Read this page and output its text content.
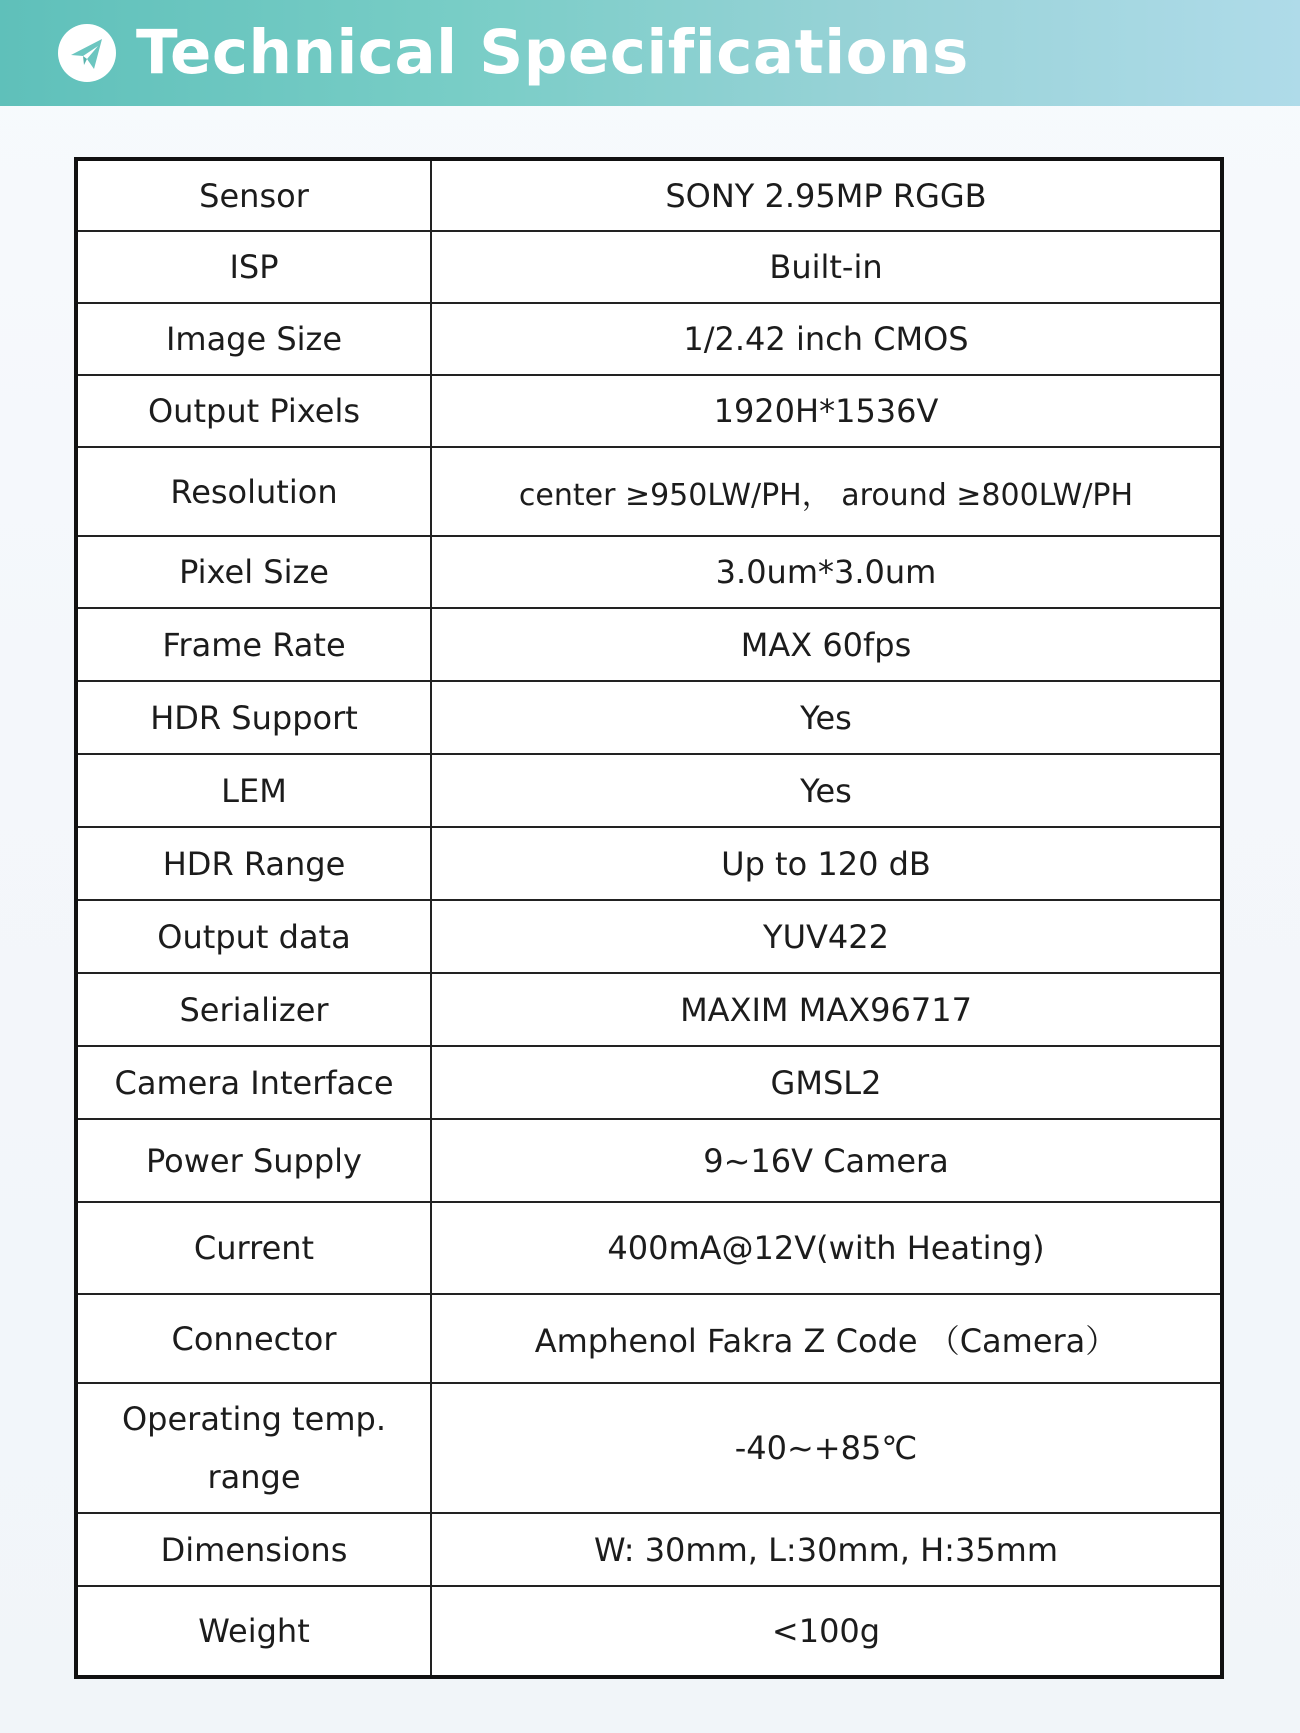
Technical Specifications
Sensor	SONY 2.95MP RGGB
ISP	Built-in
Image Size	1/2.42 inch CMOS
Output Pixels	1920H*1536V
Resolution	center ≥950LW/PH， around ≥800LW/PH
Pixel Size	3.0um*3.0um
Frame Rate	MAX 60fps
HDR Support	Yes
LEM	Yes
HDR Range	Up to 120 dB
Output data	YUV422
Serializer	MAXIM MAX96717
Camera Interface	GMSL2
Power Supply	9~16V Camera
Current	400mA@12V(with Heating)
Connector	Amphenol Fakra Z Code （Camera）
Operating temp. range	-40~+85℃
Dimensions	W: 30mm, L:30mm, H:35mm
Weight	<100g
